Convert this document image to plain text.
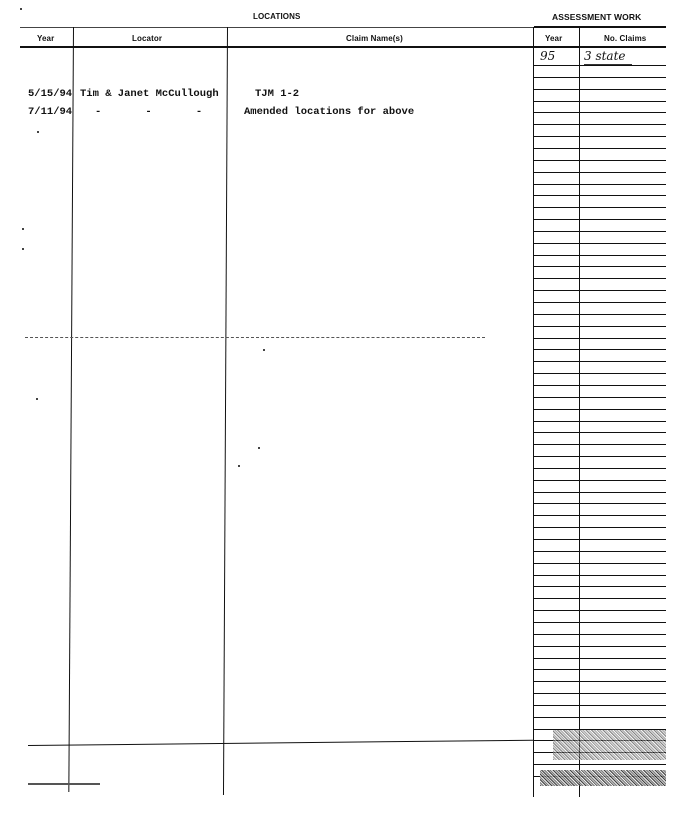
LOCATIONS	ASSESSMENT WORK
Year	Locator	Claim Name(s)	Year	No. Claims
5/15/94 Tim & Janet McCullough	TJM 1-2
7/11/94 -       -       -	Amended locations for above
95 3 state
